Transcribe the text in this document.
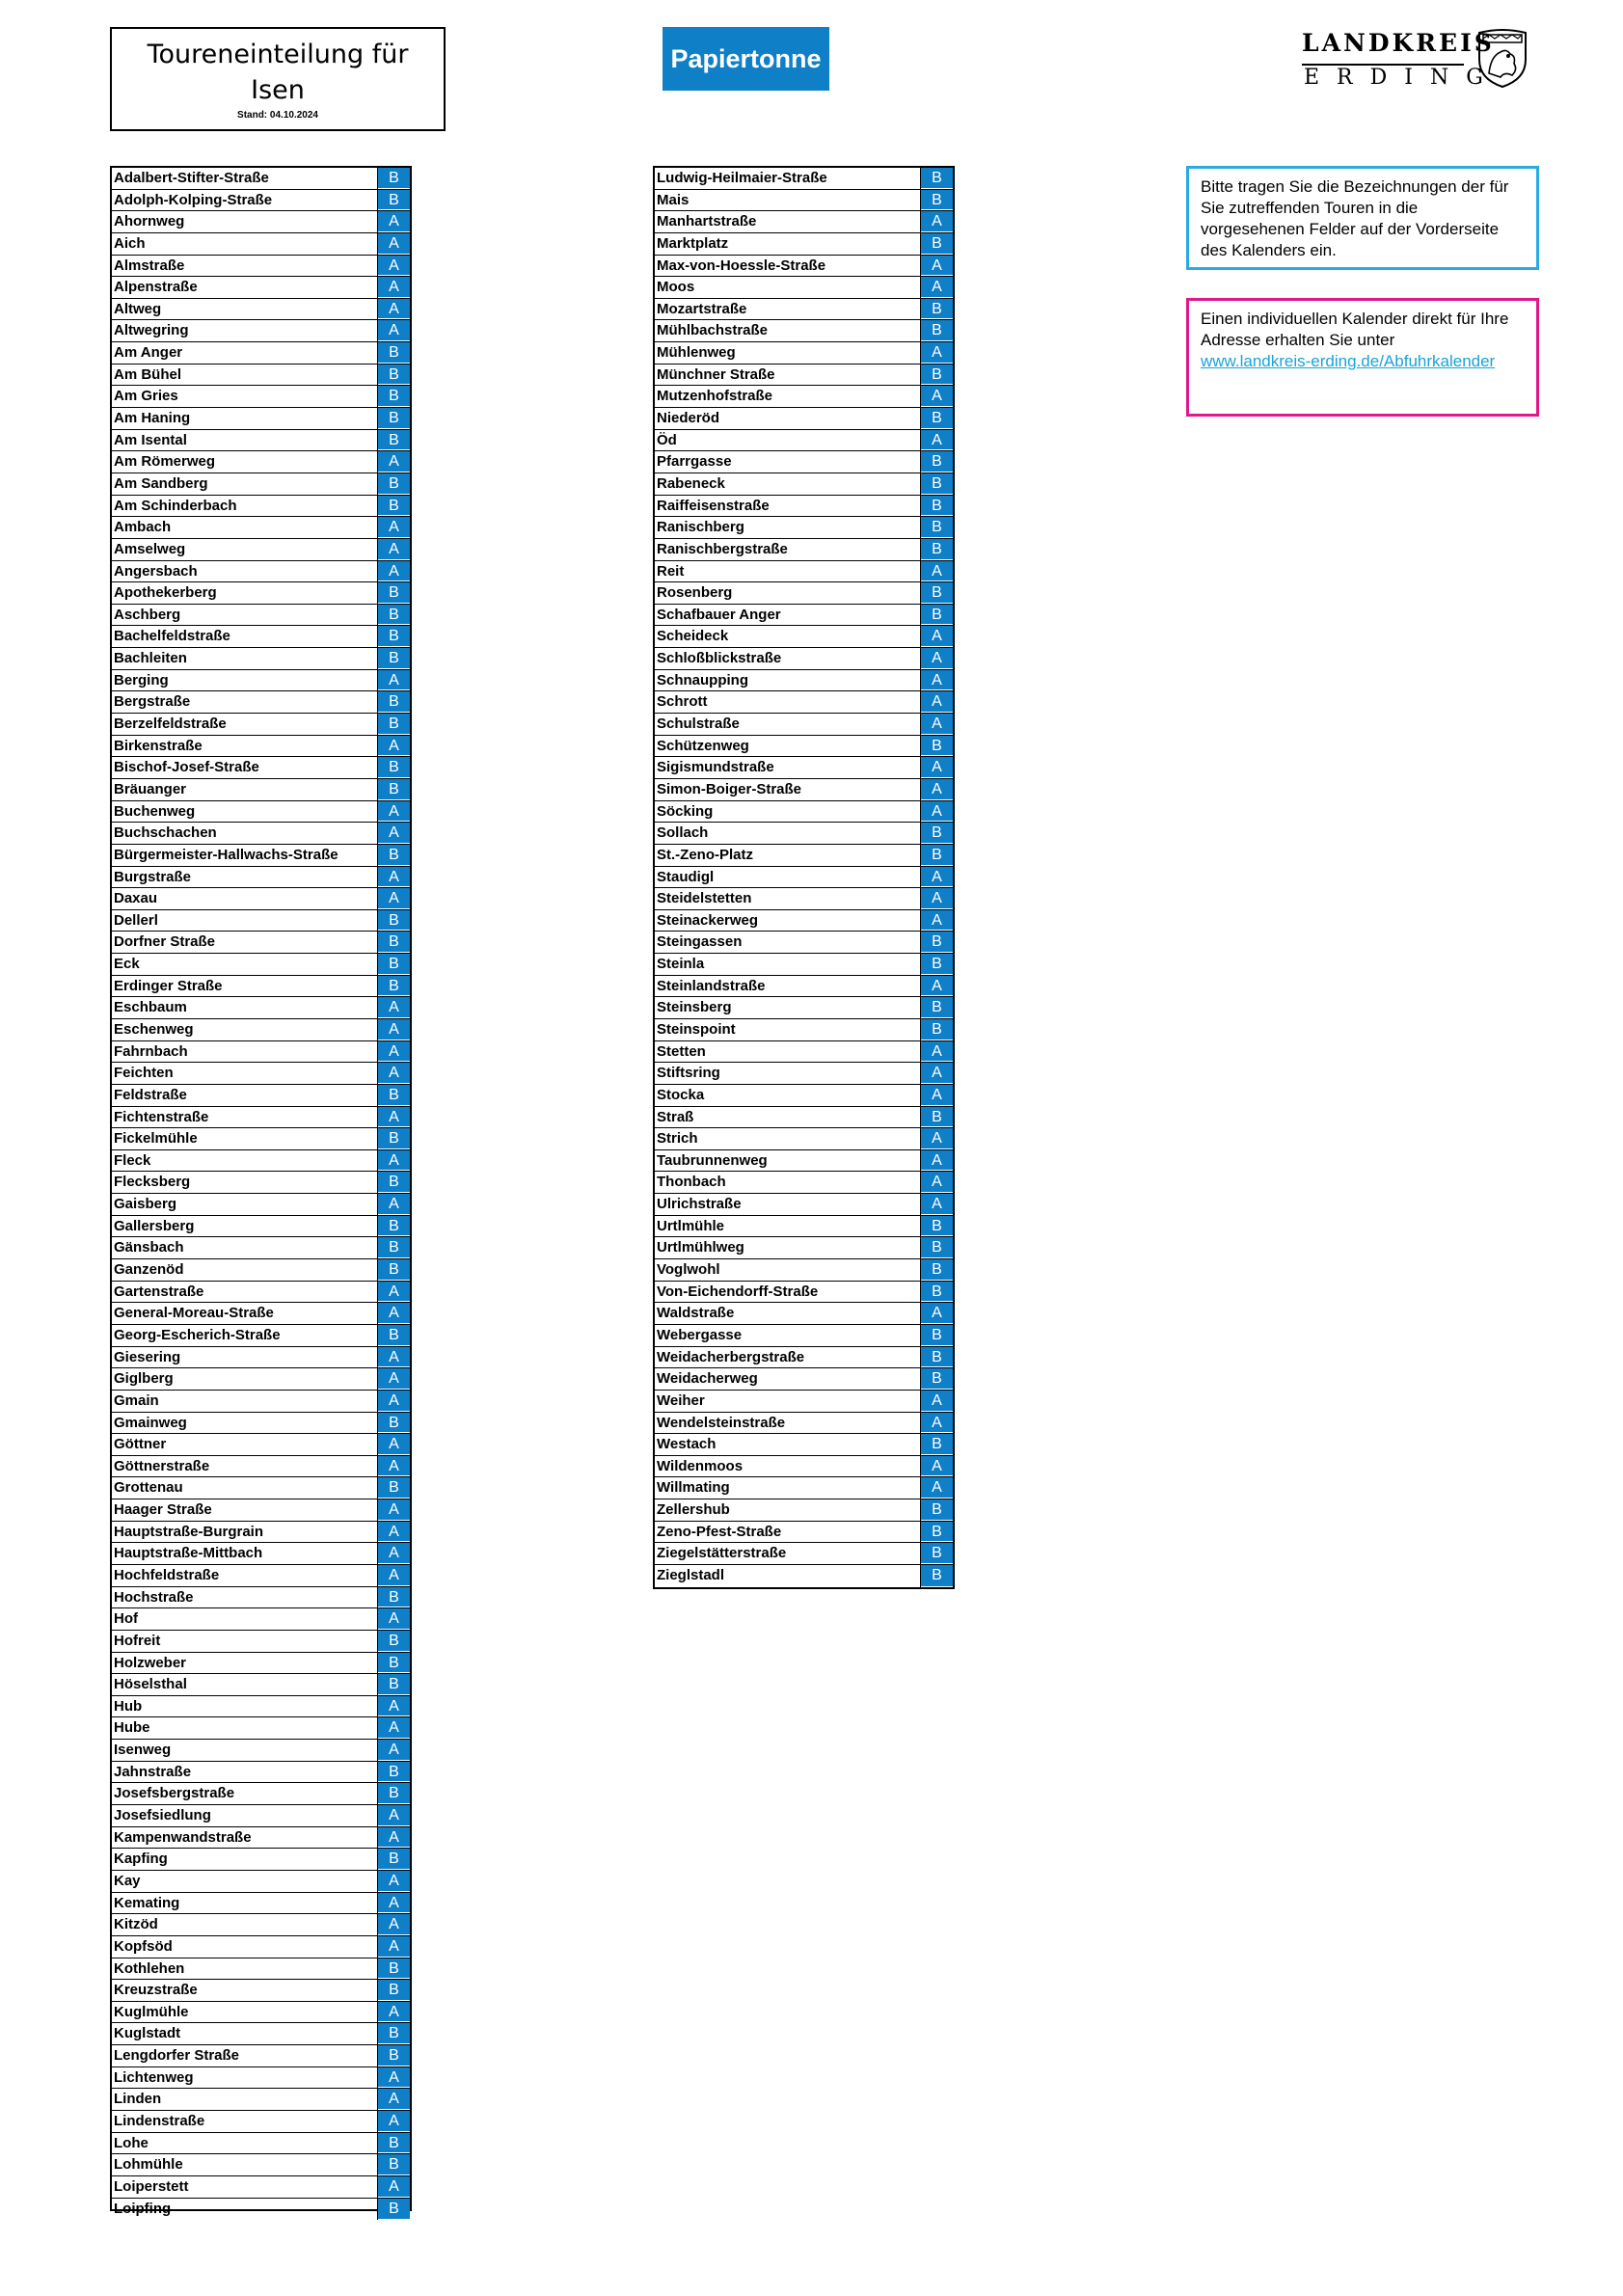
Toureneinteilung für
Isen
Stand: 04.10.2024
Papiertonne
LANDKREIS
ERDING
Adalbert-Stifter-Straße	B
Adolph-Kolping-Straße	B
Ahornweg	A
Aich	A
Almstraße	A
Alpenstraße	A
Altweg	A
Altwegring	A
Am Anger	B
Am Bühel	B
Am Gries	B
Am Haning	B
Am Isental	B
Am Römerweg	A
Am Sandberg	B
Am Schinderbach	B
Ambach	A
Amselweg	A
Angersbach	A
Apothekerberg	B
Aschberg	B
Bachelfeldstraße	B
Bachleiten	B
Berging	A
Bergstraße	B
Berzelfeldstraße	B
Birkenstraße	A
Bischof-Josef-Straße	B
Bräuanger	B
Buchenweg	A
Buchschachen	A
Bürgermeister-Hallwachs-Straße	B
Burgstraße	A
Daxau	A
Dellerl	B
Dorfner Straße	B
Eck	B
Erdinger Straße	B
Eschbaum	A
Eschenweg	A
Fahrnbach	A
Feichten	A
Feldstraße	B
Fichtenstraße	A
Fickelmühle	B
Fleck	A
Flecksberg	B
Gaisberg	A
Gallersberg	B
Gänsbach	B
Ganzenöd	B
Gartenstraße	A
General-Moreau-Straße	A
Georg-Escherich-Straße	B
Giesering	A
Giglberg	A
Gmain	A
Gmainweg	B
Göttner	A
Göttnerstraße	A
Grottenau	B
Haager Straße	A
Hauptstraße-Burgrain	A
Hauptstraße-Mittbach	A
Hochfeldstraße	A
Hochstraße	B
Hof	A
Hofreit	B
Holzweber	B
Höselsthal	B
Hub	A
Hube	A
Isenweg	A
Jahnstraße	B
Josefsbergstraße	B
Josefsiedlung	A
Kampenwandstraße	A
Kapfing	B
Kay	A
Kemating	A
Kitzöd	A
Kopfsöd	A
Kothlehen	B
Kreuzstraße	B
Kuglmühle	A
Kuglstadt	B
Lengdorfer Straße	B
Lichtenweg	A
Linden	A
Lindenstraße	A
Lohe	B
Lohmühle	B
Loiperstett	A
Loipfing	B
Ludwig-Heilmaier-Straße	B
Mais	B
Manhartstraße	A
Marktplatz	B
Max-von-Hoessle-Straße	A
Moos	A
Mozartstraße	B
Mühlbachstraße	B
Mühlenweg	A
Münchner Straße	B
Mutzenhofstraße	A
Niederöd	B
Öd	A
Pfarrgasse	B
Rabeneck	B
Raiffeisenstraße	B
Ranischberg	B
Ranischbergstraße	B
Reit	A
Rosenberg	B
Schafbauer Anger	B
Scheideck	A
Schloßblickstraße	A
Schnaupping	A
Schrott	A
Schulstraße	A
Schützenweg	B
Sigismundstraße	A
Simon-Boiger-Straße	A
Söcking	A
Sollach	B
St.-Zeno-Platz	B
Staudigl	A
Steidelstetten	A
Steinackerweg	A
Steingassen	B
Steinla	B
Steinlandstraße	A
Steinsberg	B
Steinspoint	B
Stetten	A
Stiftsring	A
Stocka	A
Straß	B
Strich	A
Taubrunnenweg	A
Thonbach	A
Ulrichstraße	A
Urtlmühle	B
Urtlmühlweg	B
Voglwohl	B
Von-Eichendorff-Straße	B
Waldstraße	A
Webergasse	B
Weidacherbergstraße	B
Weidacherweg	B
Weiher	A
Wendelsteinstraße	A
Westach	B
Wildenmoos	A
Willmating	A
Zellershub	B
Zeno-Pfest-Straße	B
Ziegelstätterstraße	B
Zieglstadl	B
Bitte tragen Sie die Bezeichnungen der für Sie zutreffenden Touren in die vorgesehenen Felder auf der Vorderseite des Kalenders ein.
Einen individuellen Kalender direkt für Ihre Adresse erhalten Sie unter
www.landkreis-erding.de/Abfuhrkalender
